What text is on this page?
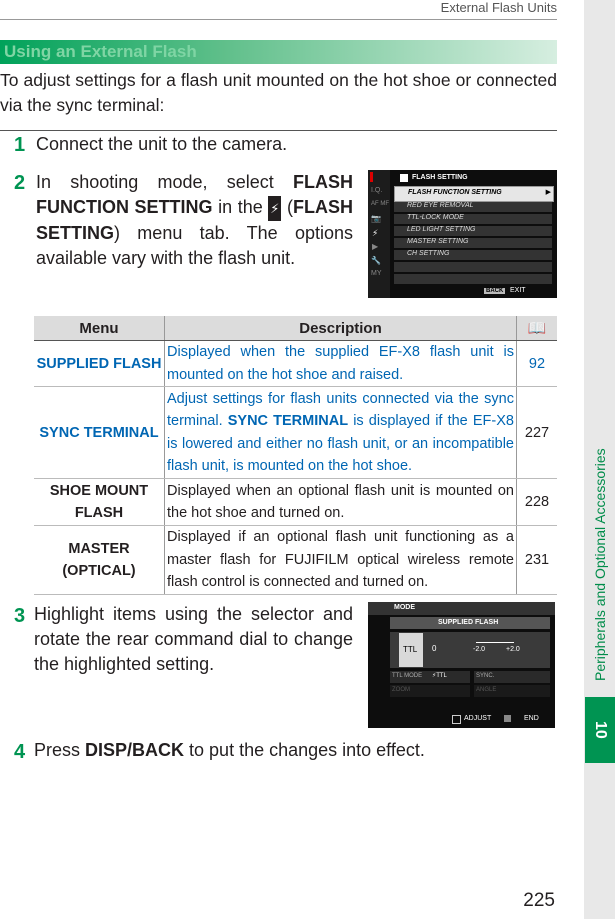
External Flash Units
Peripherals and Optional Accessories
10
Using an External Flash
To adjust settings for a flash unit mounted on the hot shoe or connected via the sync terminal:
1 Connect the unit to the camera.
2 In shooting mode, select FLASH FUNCTION SETTING in the ⚡ (FLASH SETTING) menu tab. The options available vary with the flash unit.
I.Q.
AF MF
📷
⚡
▶
🔧
MY
FLASH SETTING
FLASH FUNCTION SETTING	▶
RED EYE REMOVAL
TTL-LOCK MODE
LED LIGHT SETTING
MASTER SETTING
CH SETTING
BACK EXIT
Menu	Description	📖
SUPPLIED FLASH	Displayed when the supplied EF-X8 flash unit is mounted on the hot shoe and raised.	92
SYNC TERMINAL	Adjust settings for flash units connected via the sync terminal. SYNC TERMINAL is displayed if the EF-X8 is lowered and either no flash unit, or an incompatible flash unit, is mounted on the hot shoe.	227
SHOE MOUNT FLASH	Displayed when an optional flash unit is mounted on the hot shoe and turned on.	228
MASTER (OPTICAL)	Displayed if an optional flash unit functioning as a master flash for FUJIFILM optical wireless remote flash control is connected and turned on.	231
3 Highlight items using the selector and rotate the rear command dial to change the highlighted setting.
MODE
SUPPLIED FLASH
TTL 0	-2.0	+2.0
TTL MODE ⚡TTL	SYNC.
ZOOM	ANGLE
ADJUST	END
4 Press DISP/BACK to put the changes into effect.
225
